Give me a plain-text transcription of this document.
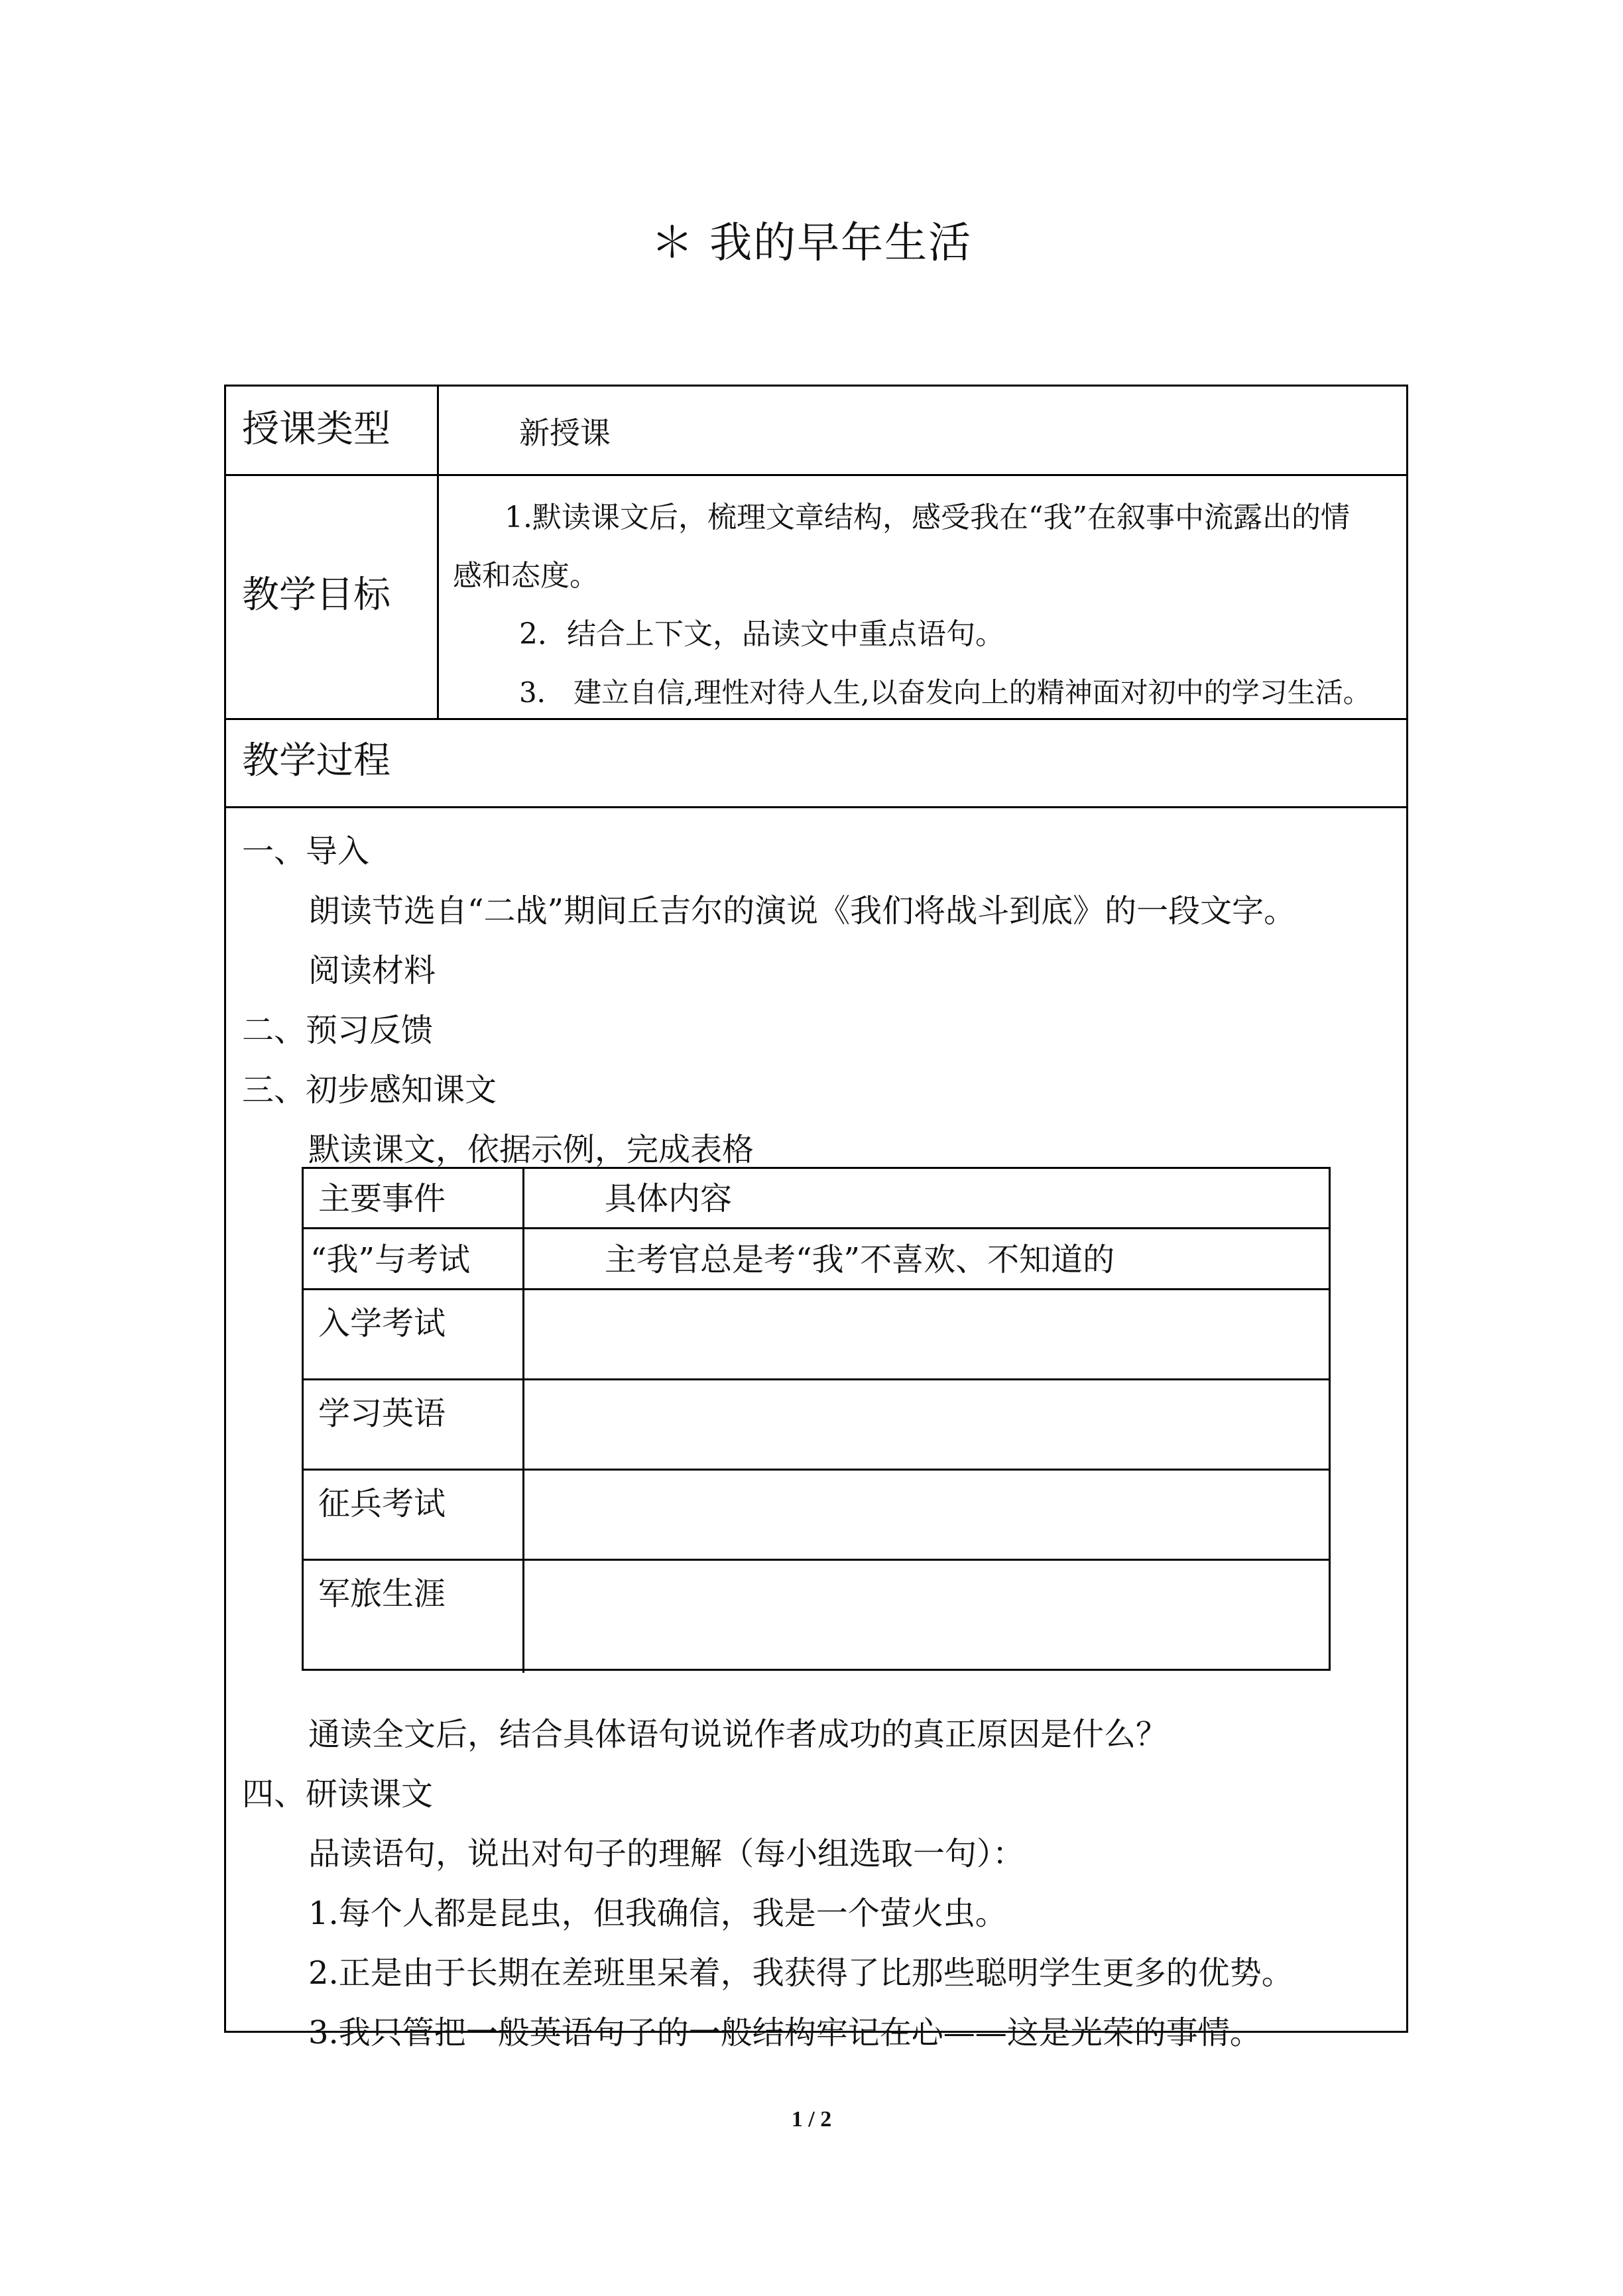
＊ 我的早年生活
授课类型	新授课
教学目标
1.默读课文后，梳理文章结构，感受我在“我”在叙事中流露出的情
感和态度。
2．结合上下文，品读文中重点语句。
3． 建立自信,理性对待人生,以奋发向上的精神面对初中的学习生活。
教学过程
一、导入
朗读节选自“二战”期间丘吉尔的演说《我们将战斗到底》的一段文字。
阅读材料
二、预习反馈
三、初步感知课文
默读课文，依据示例，完成表格
通读全文后，结合具体语句说说作者成功的真正原因是什么？
四、研读课文
品读语句，说出对句子的理解（每小组选取一句）：
1.每个人都是昆虫，但我确信，我是一个萤火虫。
2.正是由于长期在差班里呆着，我获得了比那些聪明学生更多的优势。
3.我只管把一般英语句子的一般结构牢记在心——这是光荣的事情。
主要事件	具体内容
“我”与考试	主考官总是考“我”不喜欢、不知道的
入学考试
学习英语
征兵考试
军旅生涯
1 / 2
